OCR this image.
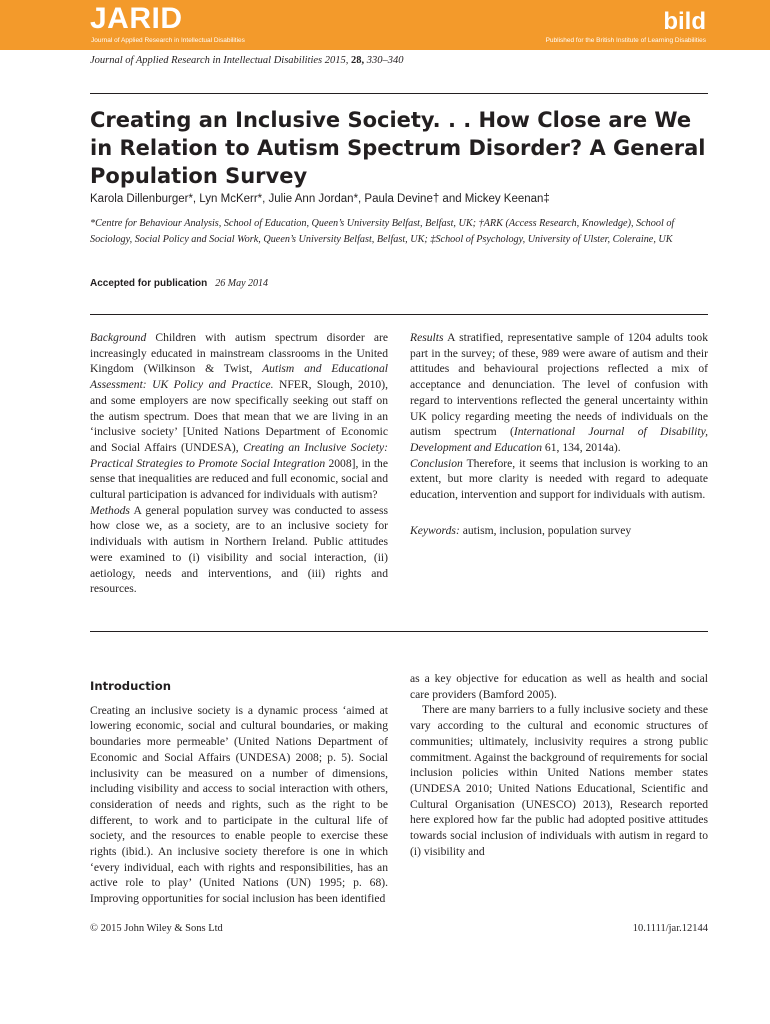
JARID
Journal of Applied Research in Intellectual Disabilities
bild
Published for the British Institute of Learning Disabilities
Journal of Applied Research in Intellectual Disabilities 2015, 28, 330–340
Creating an Inclusive Society. . . How Close are We in Relation to Autism Spectrum Disorder? A General Population Survey
Karola Dillenburger*, Lyn McKerr*, Julie Ann Jordan*, Paula Devine† and Mickey Keenan‡
*Centre for Behaviour Analysis, School of Education, Queen’s University Belfast, Belfast, UK; †ARK (Access Research, Knowledge), School of Sociology, Social Policy and Social Work, Queen’s University Belfast, Belfast, UK; ‡School of Psychology, University of Ulster, Coleraine, UK
Accepted for publication 26 May 2014

Background Children with autism spectrum disorder are increasingly educated in mainstream classrooms in the United Kingdom (Wilkinson & Twist, Autism and Educational Assessment: UK Policy and Practice. NFER, Slough, 2010), and some employers are now specifically seeking out staff on the autism spectrum. Does that mean that we are living in an ‘inclusive society’ [United Nations Department of Economic and Social Affairs (UNDESA), Creating an Inclusive Society: Practical Strategies to Promote Social Integration 2008], in the sense that inequalities are reduced and full economic, social and cultural participation is advanced for individuals with autism?

Methods A general population survey was conducted to assess how close we, as a society, are to an inclusive society for individuals with autism in Northern Ireland. Public attitudes were examined to (i) visibility and social interaction, (ii) aetiology, needs and interventions, and (iii) rights and resources.

Results A stratified, representative sample of 1204 adults took part in the survey; of these, 989 were aware of autism and their attitudes and behavioural projections reflected a mix of acceptance and denunciation. The level of confusion with regard to interventions reflected the general uncertainty within UK policy regarding meeting the needs of individuals on the autism spectrum (International Journal of Disability, Development and Education 61, 134, 2014a).

Conclusion Therefore, it seems that inclusion is working to an extent, but more clarity is needed with regard to adequate education, intervention and support for individuals with autism.

Keywords: autism, inclusion, population survey

Introduction

Creating an inclusive society is a dynamic process ‘aimed at lowering economic, social and cultural boundaries, or making boundaries more permeable’ (United Nations Department of Economic and Social Affairs (UNDESA) 2008; p. 5). Social inclusivity can be measured on a number of dimensions, including visibility and access to social interaction with others, consideration of needs and rights, such as the right to be different, to work and to participate in the cultural life of society, and the resources to enable people to exercise these rights (ibid.). An inclusive society therefore is one in which ‘every individual, each with rights and responsibilities, has an active role to play’ (United Nations (UN) 1995; p. 68). Improving opportunities for social inclusion has been identified

as a key objective for education as well as health and social care providers (Bamford 2005).

There are many barriers to a fully inclusive society and these vary according to the cultural and economic structures of communities; ultimately, inclusivity requires a strong public commitment. Against the background of requirements for social inclusion policies within United Nations member states (UNDESA 2010; United Nations Educational, Scientific and Cultural Organisation (UNESCO) 2013), Research reported here explored how far the public had adopted positive attitudes towards social inclusion of individuals with autism in regard to (i) visibility and

© 2015 John Wiley & Sons Ltd	10.1111/jar.12144
